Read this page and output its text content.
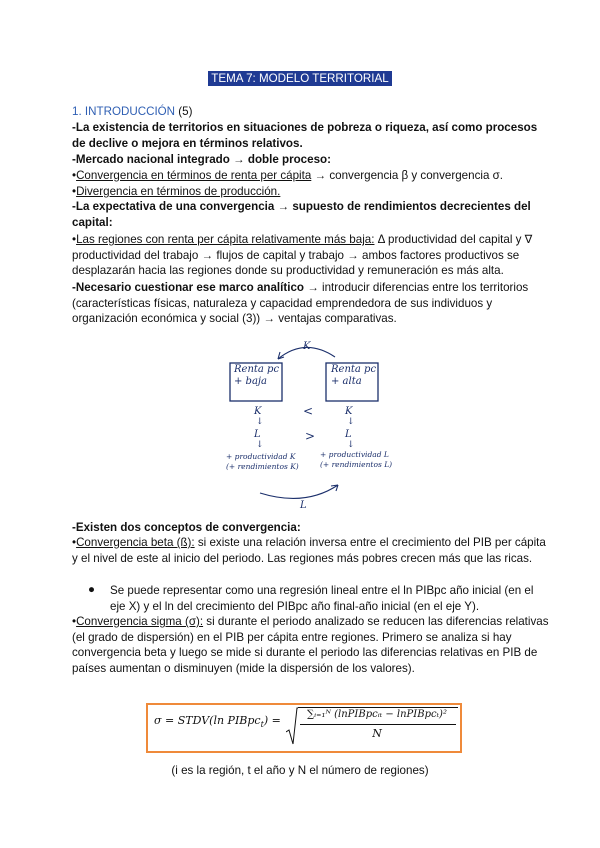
TEMA 7: MODELO TERRITORIAL

1. INTRODUCCIÓN (5)

-La existencia de territorios en situaciones de pobreza o riqueza, así como procesos de declive o mejora en términos relativos.

-Mercado nacional integrado → doble proceso:

•Convergencia en términos de renta per cápita → convergencia β y convergencia σ.

•Divergencia en términos de producción.

-La expectativa de una convergencia → supuesto de rendimientos decrecientes del capital:

•Las regiones con renta per cápita relativamente más baja: Δ productividad del capital y ∇ productividad del trabajo → flujos de capital y trabajo → ambos factores productivos se desplazarán hacia las regiones donde su productividad y remuneración es más alta.

-Necesario cuestionar ese marco analítico → introducir diferencias entre los territorios (características físicas, naturaleza y capacidad emprendedora de sus individuos y organización económica y social (3)) → ventajas comparativas.

Renta pc
+ baja
Renta pc
+ alta
K
K	<	K
↓	↓
L	>	L
↓	↓
+ productividad K
(+ rendimientos K)
+ productividad L
(+ rendimientos L)
L

-Existen dos conceptos de convergencia:

•Convergencia beta (ß): si existe una relación inversa entre el crecimiento del PIB per cápita y el nivel de este al inicio del periodo. Las regiones más pobres crecen más que las ricas.

● Se puede representar como una regresión lineal entre el ln PIBpc año inicial (en el eje X) y el ln del crecimiento del PIBpc año final-año inicial (en el eje Y).

•Convergencia sigma (σ): si durante el periodo analizado se reducen las diferencias relativas (el grado de dispersión) en el PIB per cápita entre regiones. Primero se analiza si hay convergencia beta y luego se mide si durante el periodo las diferencias relativas en PIB de países aumentan o disminuyen (mide la dispersión de los valores).

σ = STDV(ln PIBpc$_t$) =	∑ᵢ₌₁ᴺ (lnPIBpcᵢₜ − lnPIBpcₜ)²
N

(i es la región, t el año y N el número de regiones)
